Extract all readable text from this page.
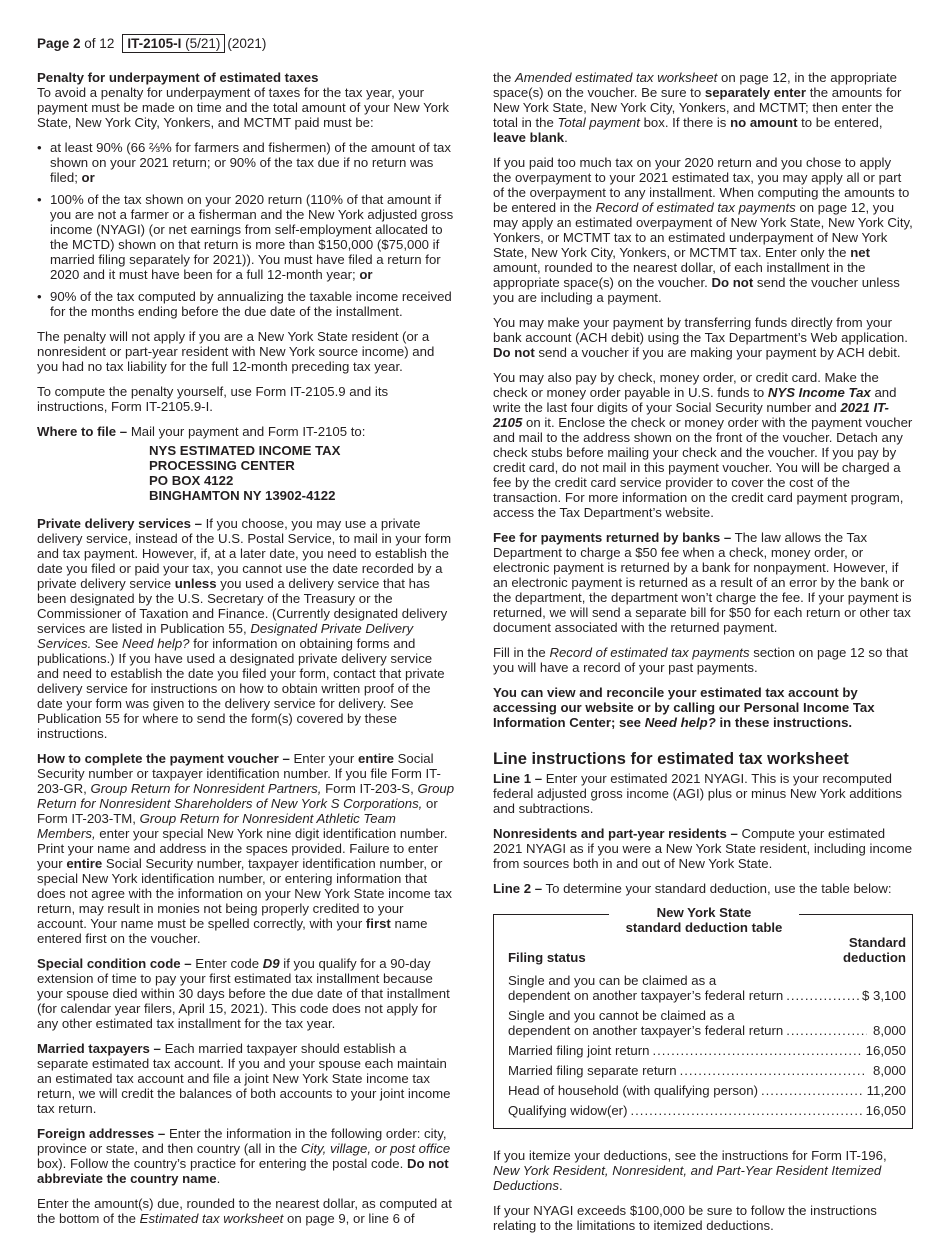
Page 2
of 12 IT-2105-I (5/21) (2021)
Penalty for underpayment of estimated taxes

To avoid a penalty for underpayment of taxes for the tax year, your payment must be made on time and the total amount of your New York State, New York City, Yonkers, and MCTMT paid must be:

• at least 90% (66 ⅔% for farmers and fishermen) of the amount of tax shown on your 2021 return; or 90% of the tax due if no return was filed; or
• 100% of the tax shown on your 2020 return (110% of that amount if you are not a farmer or a fisherman and the New York adjusted gross income (NYAGI) (or net earnings from self-employment allocated to the MCTD) shown on that return is more than $150,000 ($75,000 if married filing separately for 2021)). You must have filed a return for 2020 and it must have been for a full 12-month year; or
• 90% of the tax computed by annualizing the taxable income received for the months ending before the due date of the installment.

The penalty will not apply if you are a New York State resident (or a nonresident or part-year resident with New York source income) and you had no tax liability for the full 12-month preceding tax year.

To compute the penalty yourself, use Form IT-2105.9 and its instructions, Form IT-2105.9-I.

Where to file – Mail your payment and Form IT-2105 to:

NYS ESTIMATED INCOME TAX
PROCESSING CENTER
PO BOX 4122
BINGHAMTON NY 13902-4122

Private delivery services – If you choose, you may use a private delivery service, instead of the U.S. Postal Service, to mail in your form and tax payment. However, if, at a later date, you need to establish the date you filed or paid your tax, you cannot use the date recorded by a private delivery service unless you used a delivery service that has been designated by the U.S. Secretary of the Treasury or the Commissioner of Taxation and Finance. (Currently designated delivery services are listed in Publication 55, Designated Private Delivery Services. See Need help? for information on obtaining forms and publications.) If you have used a designated private delivery service and need to establish the date you filed your form, contact that private delivery service for instructions on how to obtain written proof of the date your form was given to the delivery service for delivery. See Publication 55 for where to send the form(s) covered by these instructions.

How to complete the payment voucher – Enter your entire Social Security number or taxpayer identification number. If you file Form IT-203-GR, Group Return for Nonresident Partners, Form IT-203-S, Group Return for Nonresident Shareholders of New York S Corporations, or Form IT-203-TM, Group Return for Nonresident Athletic Team Members, enter your special New York nine digit identification number. Print your name and address in the spaces provided. Failure to enter your entire Social Security number, taxpayer identification number, or special New York identification number, or entering information that does not agree with the information on your New York State income tax return, may result in monies not being properly credited to your account. Your name must be spelled correctly, with your first name entered first on the voucher.

Special condition code – Enter code D9 if you qualify for a 90-day extension of time to pay your first estimated tax installment because your spouse died within 30 days before the due date of that installment (for calendar year filers, April 15, 2021). This code does not apply for any other estimated tax installment for the tax year.

Married taxpayers – Each married taxpayer should establish a separate estimated tax account. If you and your spouse each maintain an estimated tax account and file a joint New York State income tax return, we will credit the balances of both accounts to your joint income tax return.

Foreign addresses – Enter the information in the following order: city, province or state, and then country (all in the City, village, or post office box). Follow the country’s practice for entering the postal code. Do not abbreviate the country name.

Enter the amount(s) due, rounded to the nearest dollar, as computed at the bottom of the Estimated tax worksheet on page 9, or line 6 of

the Amended estimated tax worksheet on page 12, in the appropriate space(s) on the voucher. Be sure to separately enter the amounts for New York State, New York City, Yonkers, and MCTMT; then enter the total in the Total payment box. If there is no amount to be entered, leave blank.

If you paid too much tax on your 2020 return and you chose to apply the overpayment to your 2021 estimated tax, you may apply all or part of the overpayment to any installment. When computing the amounts to be entered in the Record of estimated tax payments on page 12, you may apply an estimated overpayment of New York State, New York City, Yonkers, or MCTMT tax to an estimated underpayment of New York State, New York City, Yonkers, or MCTMT tax. Enter only the net amount, rounded to the nearest dollar, of each installment in the appropriate space(s) on the voucher. Do not send the voucher unless you are including a payment.

You may make your payment by transferring funds directly from your bank account (ACH debit) using the Tax Department’s Web application. Do not send a voucher if you are making your payment by ACH debit.

You may also pay by check, money order, or credit card. Make the check or money order payable in U.S. funds to NYS Income Tax and write the last four digits of your Social Security number and 2021 IT-2105 on it. Enclose the check or money order with the payment voucher and mail to the address shown on the front of the voucher. Detach any check stubs before mailing your check and the voucher. If you pay by credit card, do not mail in this payment voucher. You will be charged a fee by the credit card service provider to cover the cost of the transaction. For more information on the credit card payment program, access the Tax Department’s website.

Fee for payments returned by banks – The law allows the Tax Department to charge a $50 fee when a check, money order, or electronic payment is returned by a bank for nonpayment. However, if an electronic payment is returned as a result of an error by the bank or the department, the department won’t charge the fee. If your payment is returned, we will send a separate bill for $50 for each return or other tax document associated with the returned payment.

Fill in the Record of estimated tax payments section on page 12 so that you will have a record of your past payments.

You can view and reconcile your estimated tax account by accessing our website or by calling our Personal Income Tax Information Center; see Need help? in these instructions.

Line instructions for estimated tax worksheet

Line 1 – Enter your estimated 2021 NYAGI. This is your recomputed federal adjusted gross income (AGI) plus or minus New York additions and subtractions.

Nonresidents and part-year residents – Compute your estimated 2021 NYAGI as if you were a New York State resident, including income from sources both in and out of New York State.

Line 2 – To determine your standard deduction, use the table below:

New York State
standard deduction table
Filing status
Standard
deduction
Single and you can be claimed as a
dependent on another taxpayer’s federal return .....	$ 3,100
Single and you cannot be claimed as a
dependent on another taxpayer’s federal return .....	8,000
Married filing joint return .....	16,050
Married filing separate return .....	8,000
Head of household (with qualifying person) .....	11,200
Qualifying widow(er) .....	16,050

If you itemize your deductions, see the instructions for Form IT-196, New York Resident, Nonresident, and Part-Year Resident Itemized Deductions.

If your NYAGI exceeds $100,000 be sure to follow the instructions relating to the limitations to itemized deductions.
